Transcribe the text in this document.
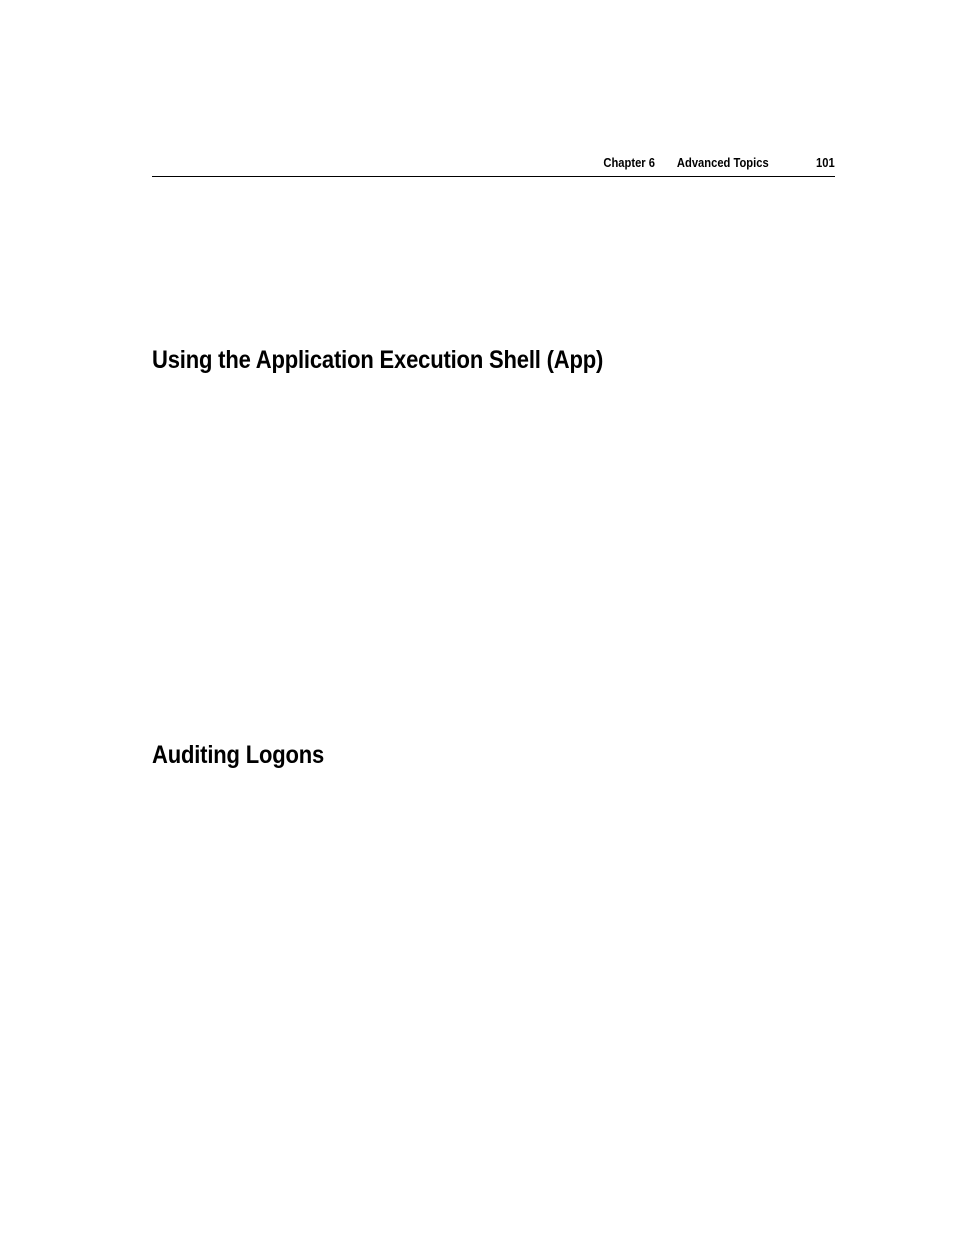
Chapter 6 Advanced Topics	101
Using the Application Execution Shell (App)
Auditing Logons
